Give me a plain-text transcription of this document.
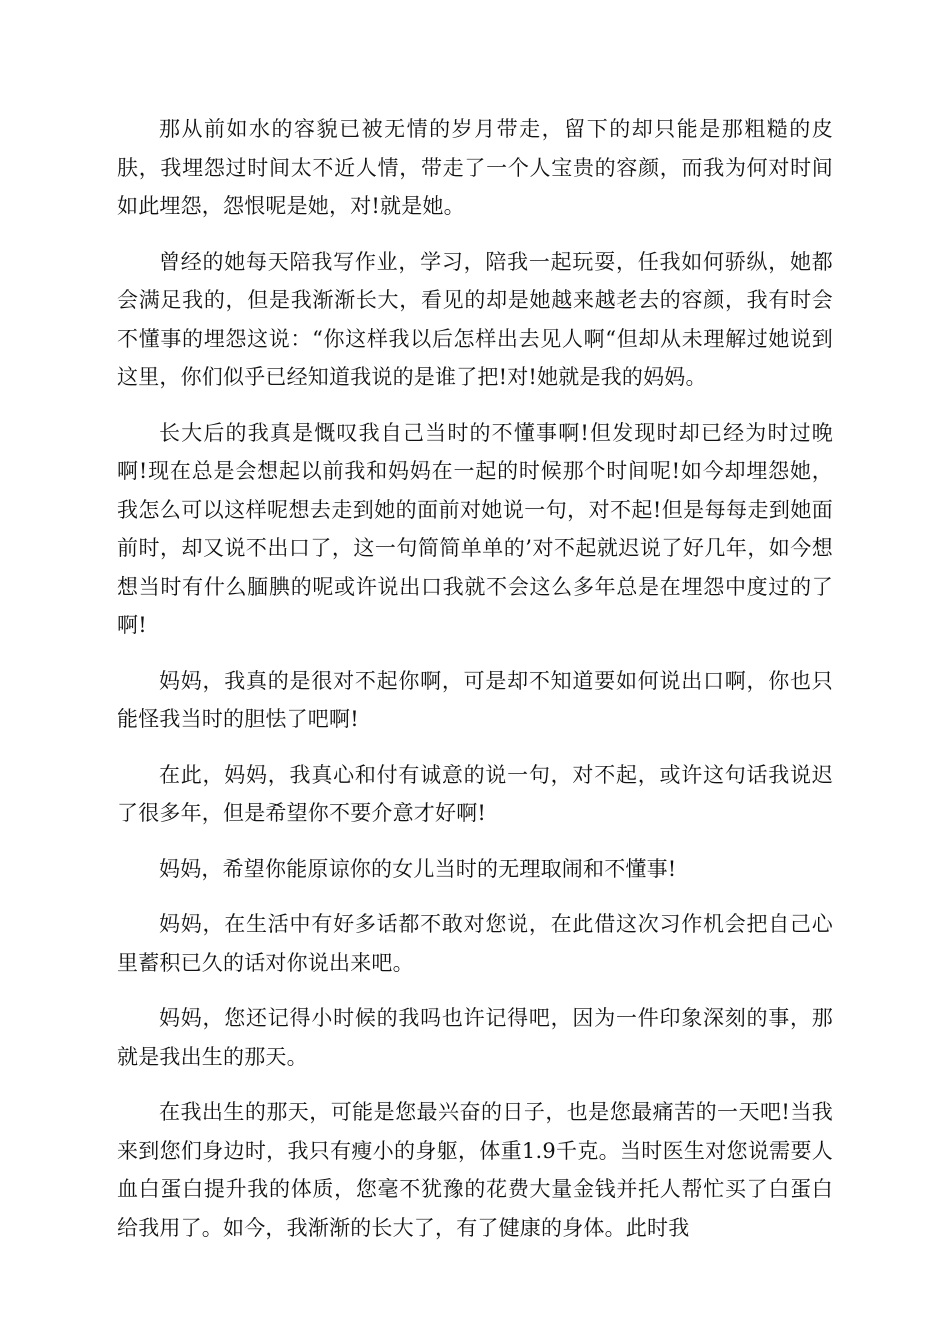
那从前如水的容貌已被无情的岁月带走，留下的却只能是那粗糙的皮肤，我埋怨过时间太不近人情，带走了一个人宝贵的容颜，而我为何对时间如此埋怨，怨恨呢是她，对!就是她。

曾经的她每天陪我写作业，学习，陪我一起玩耍，任我如何骄纵，她都会满足我的，但是我渐渐长大，看见的却是她越来越老去的容颜，我有时会不懂事的埋怨这说：“你这样我以后怎样出去见人啊“但却从未理解过她说到这里，你们似乎已经知道我说的是谁了把!对!她就是我的妈妈。

长大后的我真是慨叹我自己当时的不懂事啊!但发现时却已经为时过晚啊!现在总是会想起以前我和妈妈在一起的时候那个时间呢!如今却埋怨她，我怎么可以这样呢想去走到她的面前对她说一句，对不起!但是每每走到她面前时，却又说不出口了，这一句简简单单的’对不起就迟说了好几年，如今想想当时有什么腼腆的呢或许说出口我就不会这么多年总是在埋怨中度过的了啊!

妈妈，我真的是很对不起你啊，可是却不知道要如何说出口啊，你也只能怪我当时的胆怯了吧啊!

在此，妈妈，我真心和付有诚意的说一句，对不起，或许这句话我说迟了很多年，但是希望你不要介意才好啊!

妈妈，希望你能原谅你的女儿当时的无理取闹和不懂事!

妈妈，在生活中有好多话都不敢对您说，在此借这次习作机会把自己心里蓄积已久的话对你说出来吧。

妈妈，您还记得小时候的我吗也许记得吧，因为一件印象深刻的事，那就是我出生的那天。

在我出生的那天，可能是您最兴奋的日子，也是您最痛苦的一天吧!当我来到您们身边时，我只有瘦小的身躯，体重1.9千克。当时医生对您说需要人血白蛋白提升我的体质，您毫不犹豫的花费大量金钱并托人帮忙买了白蛋白给我用了。如今，我渐渐的长大了，有了健康的身体。此时我
